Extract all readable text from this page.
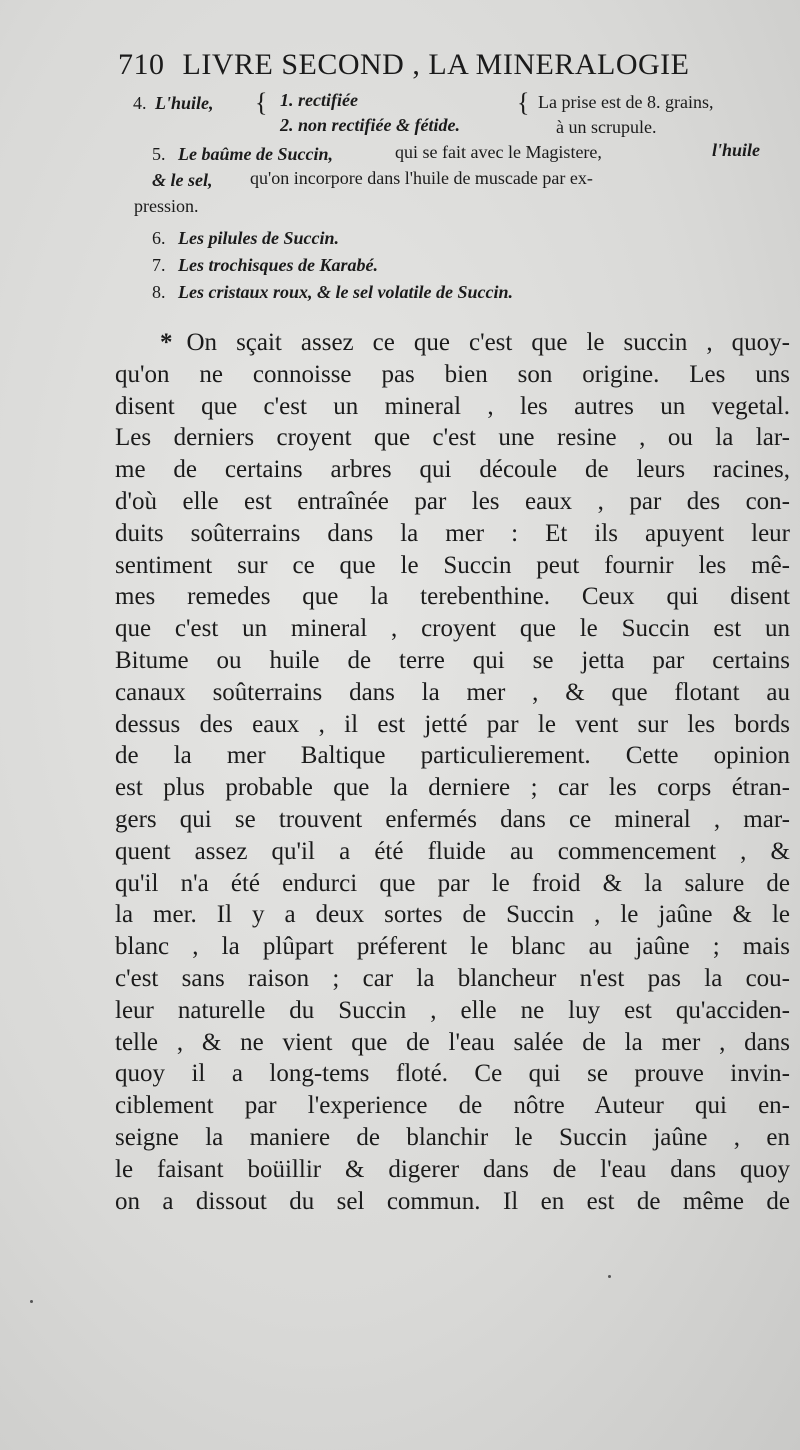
710 LIVRE SECOND , LA MINERALOGIE
4. L'huile, { 1. rectifiée
2. non rectifiée & fétide.
{ La prise est de 8. grains,
à un scrupule.
5. Le baûme de Succin,	qui se fait avec le Magistere,	l'huile
& le sel, qu'on incorpore dans l'huile de muscade par ex-
pression.
6. Les pilules de Succin.
7. Les trochisques de Karabé.
8. Les cristaux roux, & le sel volatile de Succin.
* On sçait assez ce que c'est que le succin , quoy-
qu'on ne connoisse pas bien son origine. Les uns
disent que c'est un mineral , les autres un vegetal.
Les derniers croyent que c'est une resine , ou la lar-
me de certains arbres qui découle de leurs racines,
d'où elle est entraînée par les eaux , par des con-
duits soûterrains dans la mer : Et ils apuyent leur
sentiment sur ce que le Succin peut fournir les mê-
mes remedes que la terebenthine. Ceux qui disent
que c'est un mineral , croyent que le Succin est un
Bitume ou huile de terre qui se jetta par certains
canaux soûterrains dans la mer , & que flotant au
dessus des eaux , il est jetté par le vent sur les bords
de la mer Baltique particulierement. Cette opinion
est plus probable que la derniere ; car les corps étran-
gers qui se trouvent enfermés dans ce mineral , mar-
quent assez qu'il a été fluide au commencement , &
qu'il n'a été endurci que par le froid & la salure de
la mer. Il y a deux sortes de Succin , le jaûne & le
blanc , la plûpart préferent le blanc au jaûne ; mais
c'est sans raison ; car la blancheur n'est pas la cou-
leur naturelle du Succin , elle ne luy est qu'acciden-
telle , & ne vient que de l'eau salée de la mer , dans
quoy il a long-tems floté. Ce qui se prouve invin-
ciblement par l'experience de nôtre Auteur qui en-
seigne la maniere de blanchir le Succin jaûne , en
le faisant boüillir & digerer dans de l'eau dans quoy
on a dissout du sel commun. Il en est de même de
